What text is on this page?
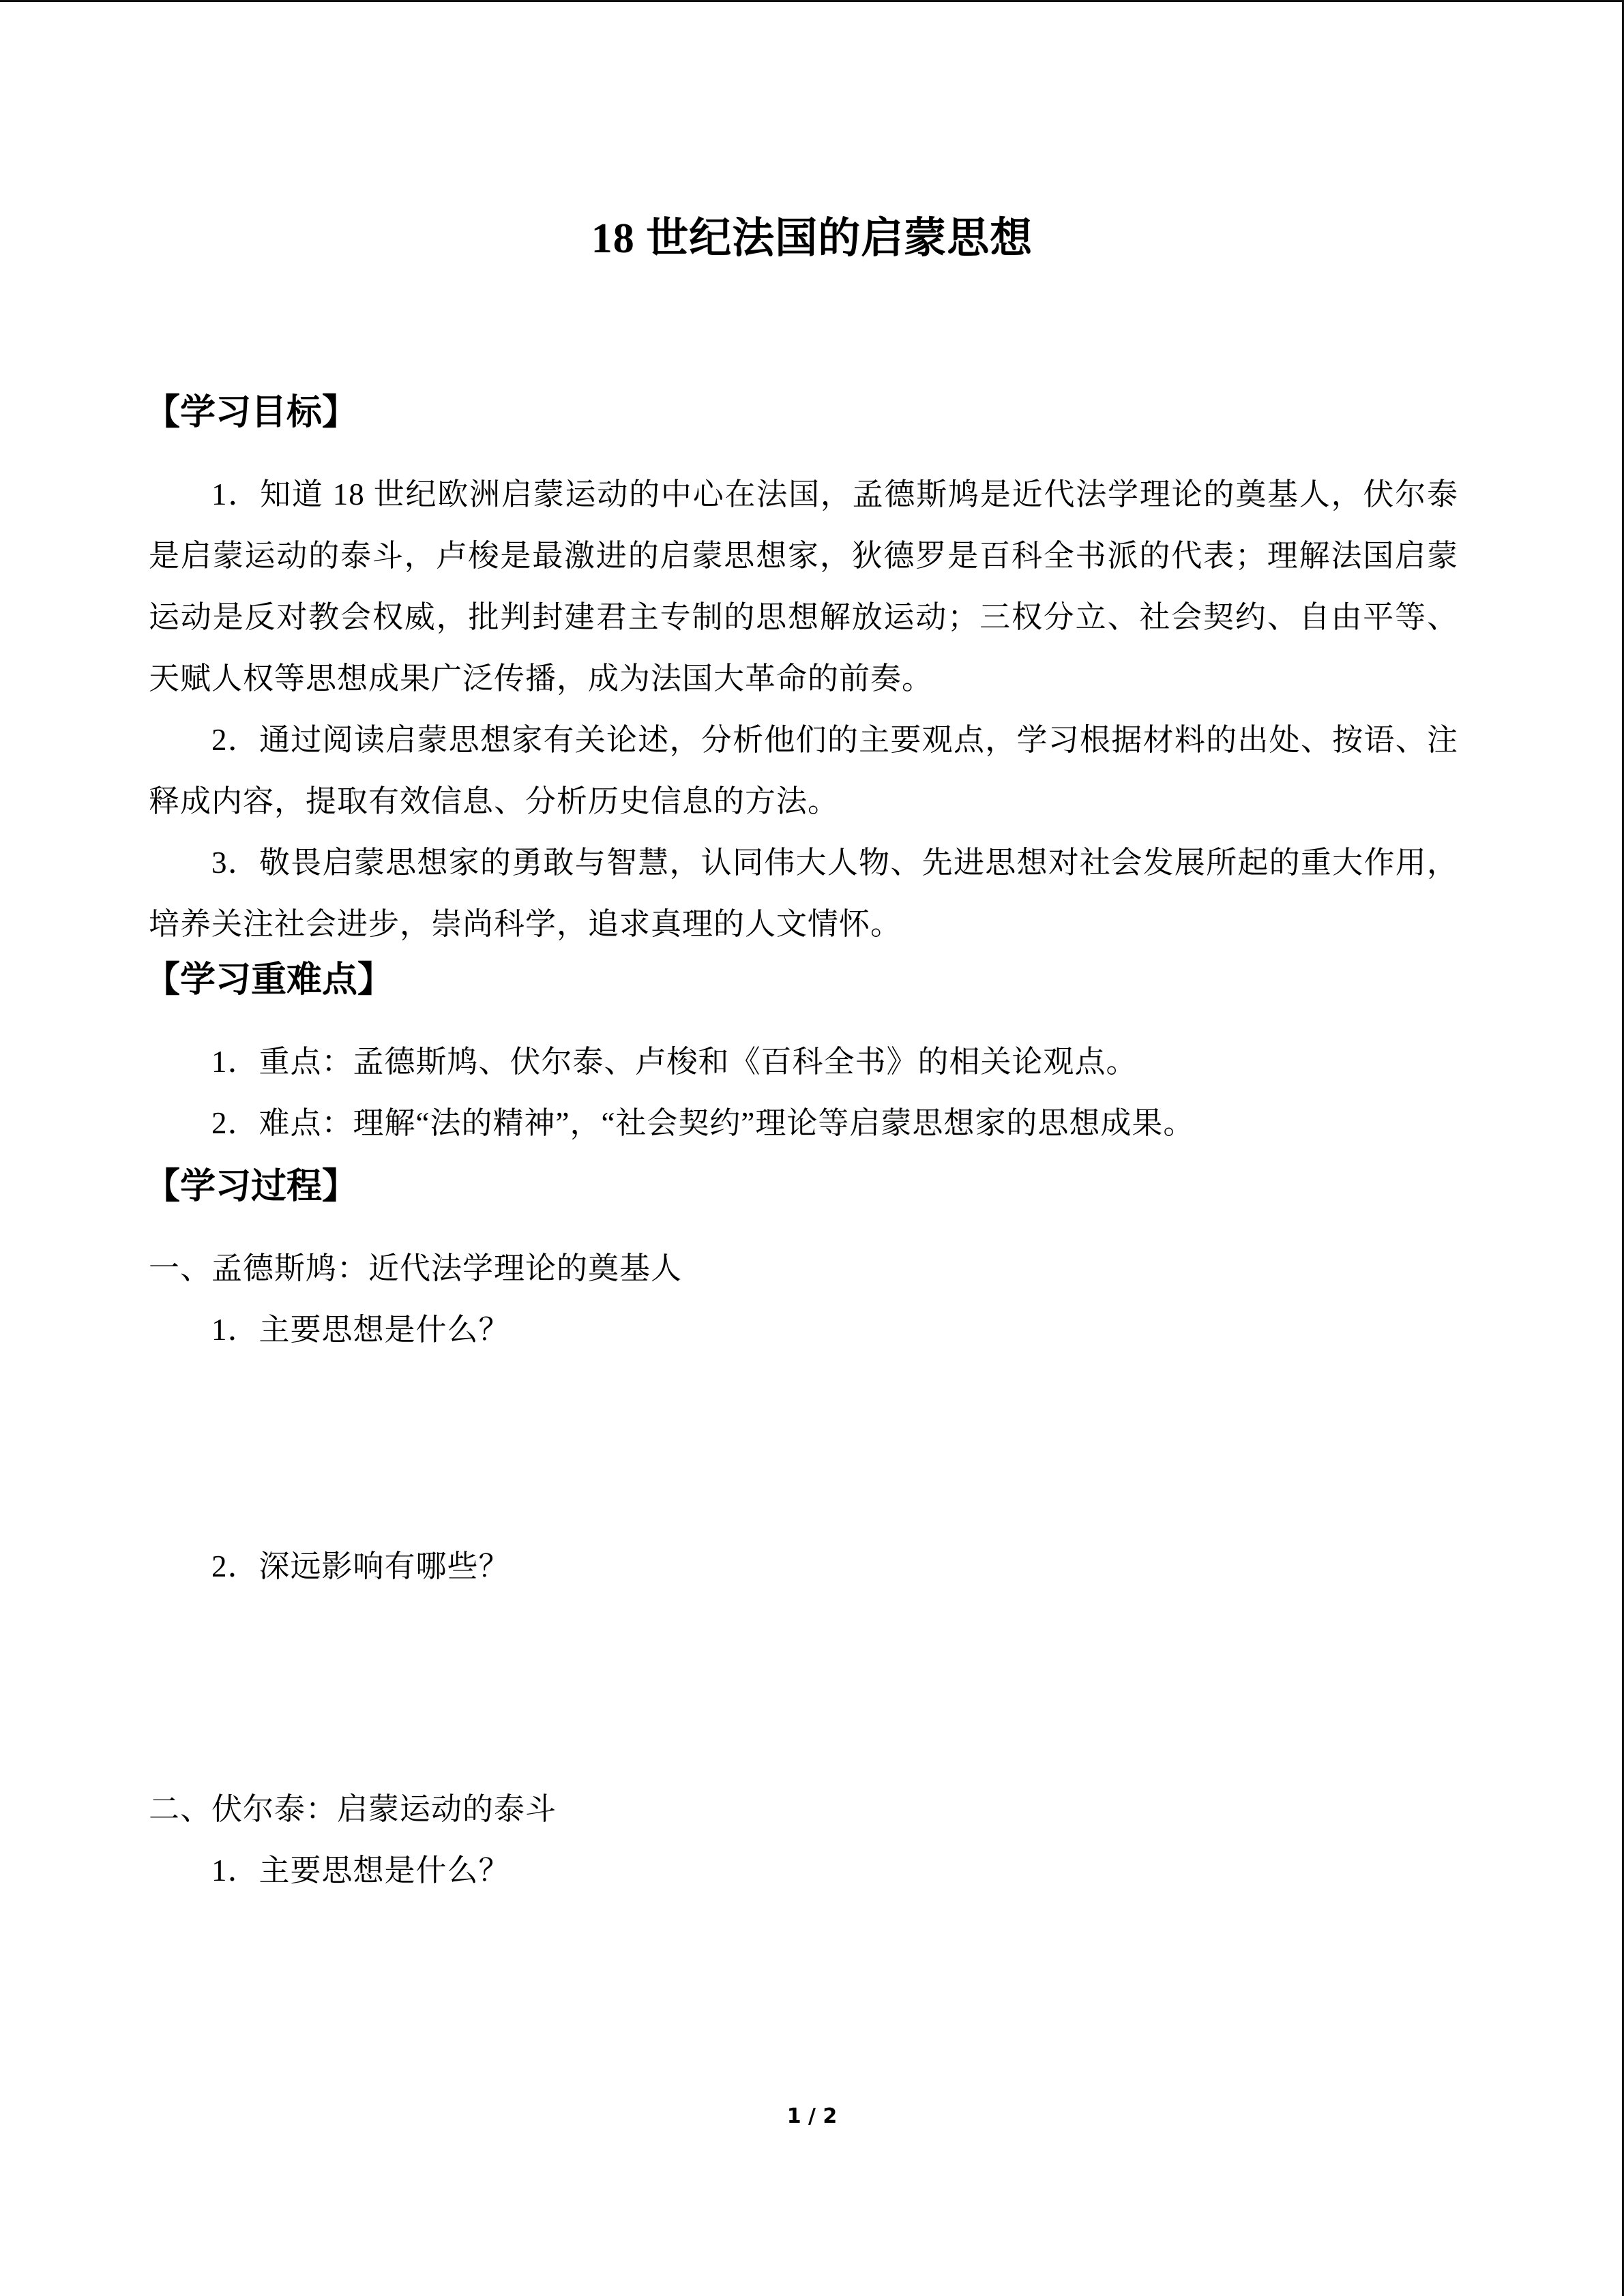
18 世纪法国的启蒙思想
【学习目标】
1．知道 18 世纪欧洲启蒙运动的中心在法国，孟德斯鸠是近代法学理论的奠基人，伏尔泰是启蒙运动的泰斗，卢梭是最激进的启蒙思想家，狄德罗是百科全书派的代表；理解法国启蒙运动是反对教会权威，批判封建君主专制的思想解放运动；三权分立、社会契约、自由平等、天赋人权等思想成果广泛传播，成为法国大革命的前奏。
2．通过阅读启蒙思想家有关论述，分析他们的主要观点，学习根据材料的出处、按语、注释成内容，提取有效信息、分析历史信息的方法。
3．敬畏启蒙思想家的勇敢与智慧，认同伟大人物、先进思想对社会发展所起的重大作用，培养关注社会进步，崇尚科学，追求真理的人文情怀。
【学习重难点】
1．重点：孟德斯鸠、伏尔泰、卢梭和《百科全书》的相关论观点。
2．难点：理解“法的精神”，“社会契约”理论等启蒙思想家的思想成果。
【学习过程】
一、孟德斯鸠：近代法学理论的奠基人
1．主要思想是什么？
2．深远影响有哪些？
二、伏尔泰：启蒙运动的泰斗
1．主要思想是什么？
1 / 2
